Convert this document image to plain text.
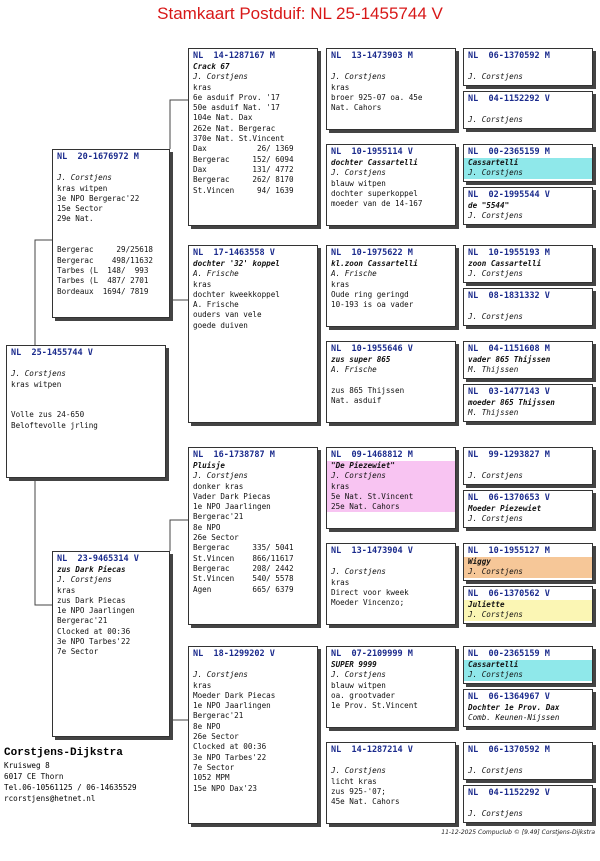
Stamkaart Postduif: NL 25-1455744 V
NL  25-1455744 V
J. Corstjens
kras witpen
Volle zus 24-650
Beloftevolle jrling
NL  20-1676972 M
J. Corstjens
kras witpen
3e NPO Bergerac'22
15e Sector
29e Nat.
Bergerac     29/25618
Bergerac    498/11632
Tarbes (L  148/  993
Tarbes (L  487/ 2701
Bordeaux  1694/ 7819
NL  23-9465314 V
zus Dark Piecas
J. Corstjens
kras
zus Dark Piecas
1e NPO Jaarlingen
Bergerac'21
Clocked at 00:36
3e NPO Tarbes'22
7e Sector
NL  14-1287167 M
Crack 67
J. Corstjens
kras
6e asduif Prov. '17
50e asduif Nat. '17
104e Nat. Dax
262e Nat. Bergerac
370e Nat. St.Vincent
Dax           26/ 1369
Bergerac     152/ 6094
Dax          131/ 4772
Bergerac     262/ 8170
St.Vincen     94/ 1639
NL  17-1463558 V
dochter '32' koppel
A. Frische
kras
dochter kweekkoppel
A. Frische
ouders van vele
goede duiven
NL  16-1738787 M
Pluisje
J. Corstjens
donker kras
Vader Dark Piecas
1e NPO Jaarlingen
Bergerac'21
8e NPO
26e Sector
Bergerac     335/ 5041
St.Vincen    866/11617
Bergerac     208/ 2442
St.Vincen    540/ 5578
Agen         665/ 6379
NL  18-1299202 V
J. Corstjens
kras
Moeder Dark Piecas
1e NPO Jaarlingen
Bergerac'21
8e NPO
26e Sector
Clocked at 00:36
3e NPO Tarbes'22
7e Sector
1052 MPM
15e NPO Dax'23
NL  13-1473903 M
J. Corstjens
kras
broer 925-07 oa. 45e
Nat. Cahors
NL  10-1955114 V
dochter Cassartelli
J. Corstjens
blauw witpen
dochter superkoppel
moeder van de 14-167
NL  10-1975622 M
kl.zoon Cassartelli
A. Frische
kras
Oude ring geringd
10-193 is oa vader
NL  10-1955646 V
zus super 865
A. Frische
zus 865 Thijssen
Nat. asduif
NL  09-1468812 M
"De Piezewiet"
J. Corstjens
kras
5e Nat. St.Vincent
25e Nat. Cahors
NL  13-1473904 V
J. Corstjens
kras
Direct voor kweek
Moeder Vincenzo;
NL  07-2109999 M
SUPER 9999
J. Corstjens
blauw witpen
oa. grootvader
1e Prov. St.Vincent
NL  14-1287214 V
J. Corstjens
licht kras
zus 925-'07;
45e Nat. Cahors
NL  06-1370592 M
J. Corstjens
NL  04-1152292 V
J. Corstjens
NL  00-2365159 M
Cassartelli
J. Corstjens
NL  02-1995544 V
de "5544"
J. Corstjens
NL  10-1955193 M
zoon Cassartelli
J. Corstjens
NL  08-1831332 V
J. Corstjens
NL  04-1151608 M
vader 865 Thijssen
M. Thijssen
NL  03-1477143 V
moeder 865 Thijssen
M. Thijssen
NL  99-1293827 M
J. Corstjens
NL  06-1370653 V
Moeder Piezewiet
J. Corstjens
NL  10-1955127 M
Wiggy
J. Corstjens
NL  06-1370562 V
Juliette
J. Corstjens
NL  00-2365159 M
Cassartelli
J. Corstjens
NL  06-1364967 V
Dochter 1e Prov. Dax
Comb. Keunen-Nijssen
NL  06-1370592 M
J. Corstjens
NL  04-1152292 V
J. Corstjens
Corstjens-Dijkstra
Kruisweg 8
6017 CE Thorn
Tel.06-10561125 / 06-14635529
rcorstjens@hetnet.nl
11-12-2025 Compuclub © [9.49] Corstjens-Dijkstra
